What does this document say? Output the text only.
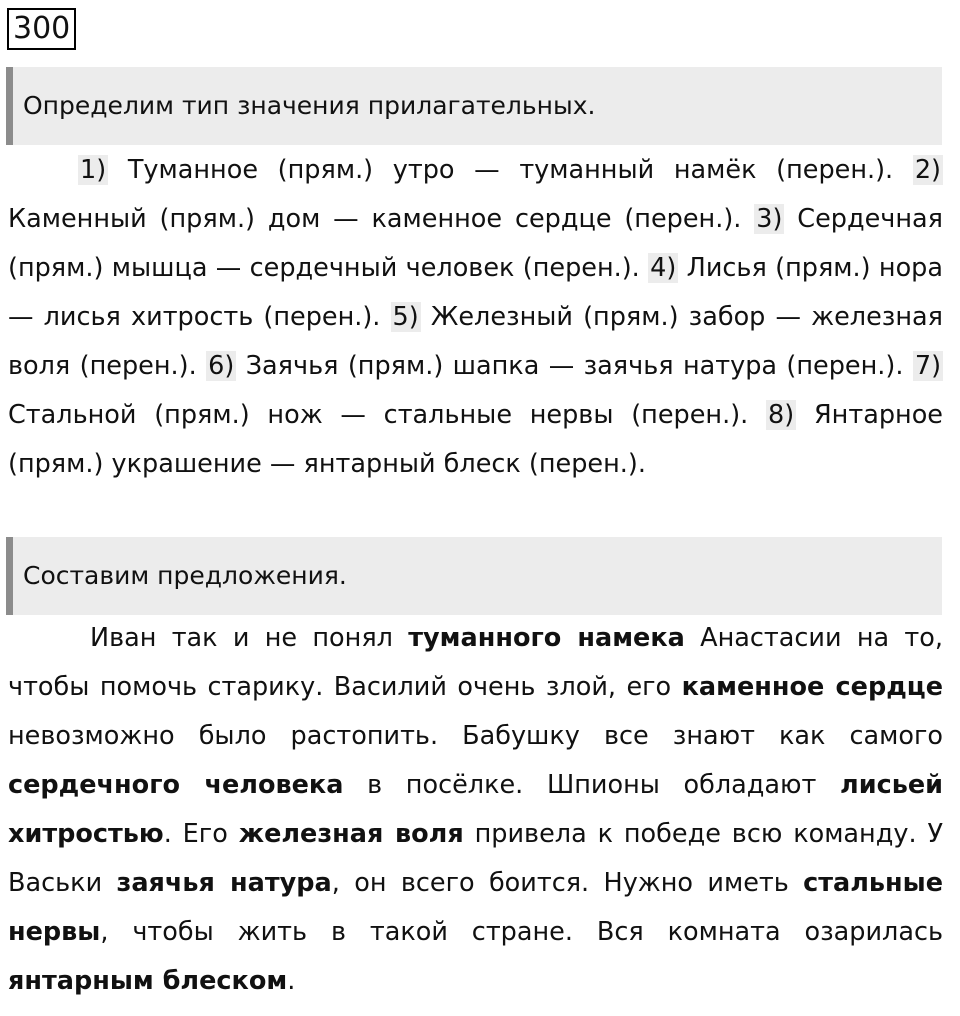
300
Определим тип значения прилагательных.

1) Туманное (прям.) утро — туманный намёк (перен.). 2) Каменный (прям.) дом — каменное сердце (перен.). 3) Сердечная (прям.) мышца — сердечный человек (перен.). 4) Лисья (прям.) нора — лисья хитрость (перен.). 5) Железный (прям.) забор — железная воля (перен.). 6) Заячья (прям.) шапка — заячья натура (перен.). 7) Стальной (прям.) нож — стальные нервы (перен.). 8) Янтарное (прям.) украшение — янтарный блеск (перен.).

Составим предложения.

Иван так и не понял туманного намека Анастасии на то, чтобы помочь старику. Василий очень злой, его каменное сердце невозможно было растопить. Бабушку все знают как самого сердечного человека в посёлке. Шпионы обладают лисьей хитростью. Его железная воля привела к победе всю команду. У Васьки заячья натура, он всего боится. Нужно иметь стальные нервы, чтобы жить в такой стране. Вся комната озарилась янтарным блеском.
